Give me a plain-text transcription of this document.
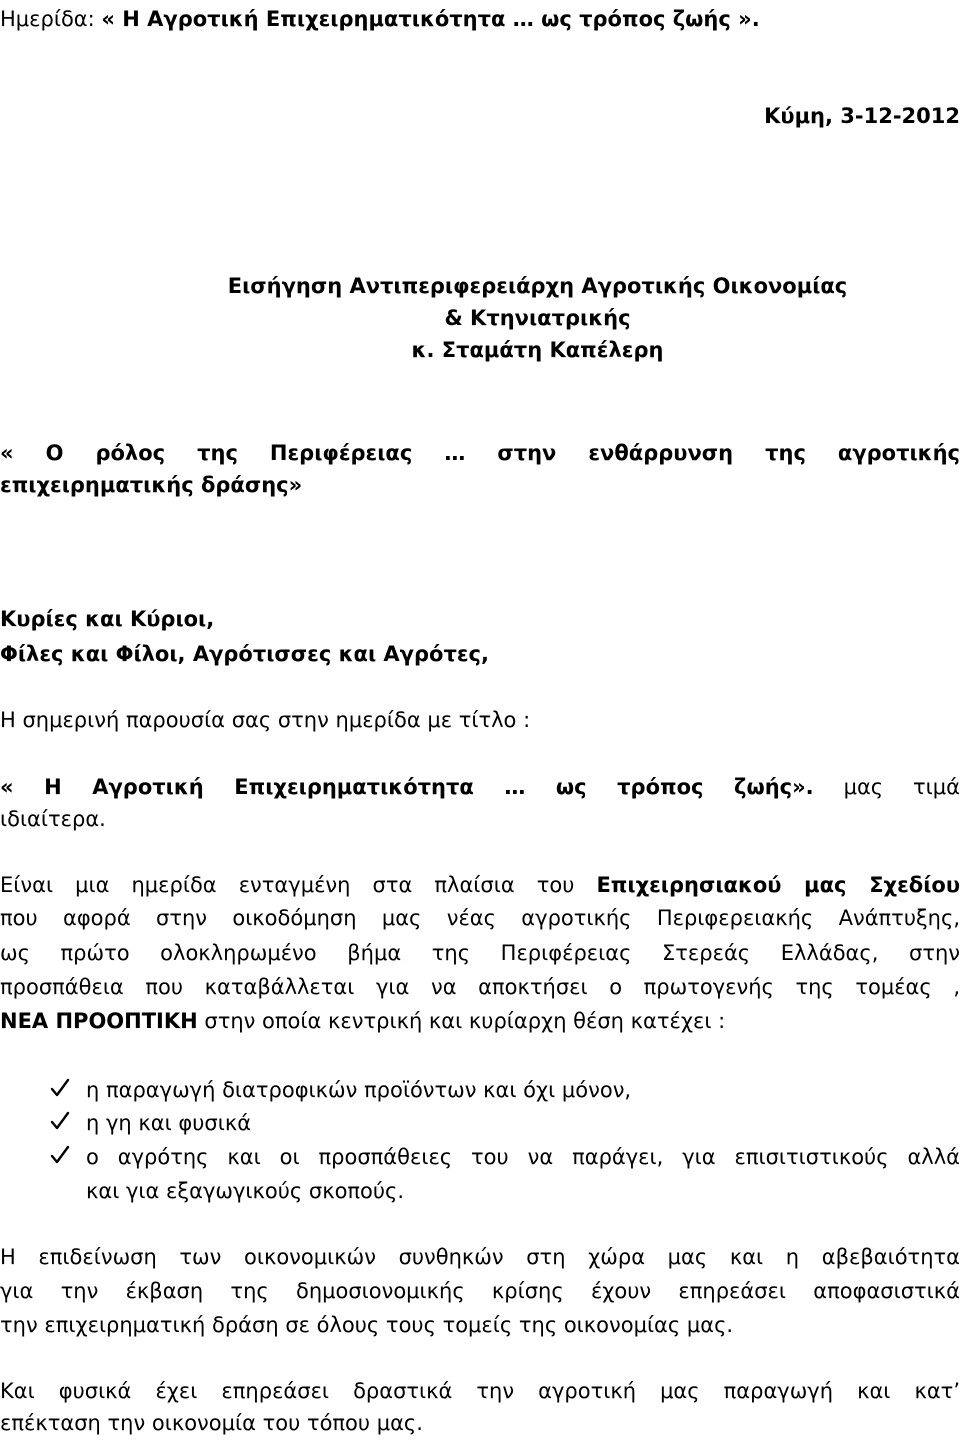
Ημερίδα: « Η Αγροτική Επιχειρηματικότητα … ως τρόπος ζωής ».
Κύμη, 3-12-2012
Εισήγηση Αντιπεριφερειάρχη Αγροτικής Οικονομίας
& Κτηνιατρικής
κ. Σταμάτη Καπέλερη
« Ο ρόλος της Περιφέρειας … στην ενθάρρυνση της αγροτικής
επιχειρηματικής δράσης»
Κυρίες και Κύριοι,
Φίλες και Φίλοι, Αγρότισσες και Αγρότες,
Η σημερινή παρουσία σας στην ημερίδα με τίτλο :
« Η Αγροτική Επιχειρηματικότητα … ως τρόπος ζωής». μας τιμά
ιδιαίτερα.
Είναι μια ημερίδα ενταγμένη στα πλαίσια του Επιχειρησιακού μας Σχεδίου
που αφορά στην οικοδόμηση μας νέας αγροτικής Περιφερειακής Ανάπτυξης,
ως πρώτο ολοκληρωμένο βήμα της Περιφέρειας Στερεάς Ελλάδας, στην
προσπάθεια που καταβάλλεται για να αποκτήσει ο πρωτογενής της τομέας ,
ΝΕΑ ΠΡΟΟΠΤΙΚΗ στην οποία κεντρική και κυρίαρχη θέση κατέχει :
η παραγωγή διατροφικών προϊόντων και όχι μόνον,
η γη και φυσικά
ο αγρότης και οι προσπάθειες του να παράγει, για επισιτιστικούς αλλά
και για εξαγωγικούς σκοπούς.
Η επιδείνωση των οικονομικών συνθηκών στη χώρα μας και η αβεβαιότητα
για την έκβαση της δημοσιονομικής κρίσης έχουν επηρεάσει αποφασιστικά
την επιχειρηματική δράση σε όλους τους τομείς της οικονομίας μας.
Και φυσικά έχει επηρεάσει δραστικά την αγροτική μας παραγωγή και κατ’
επέκταση την οικονομία του τόπου μας.
